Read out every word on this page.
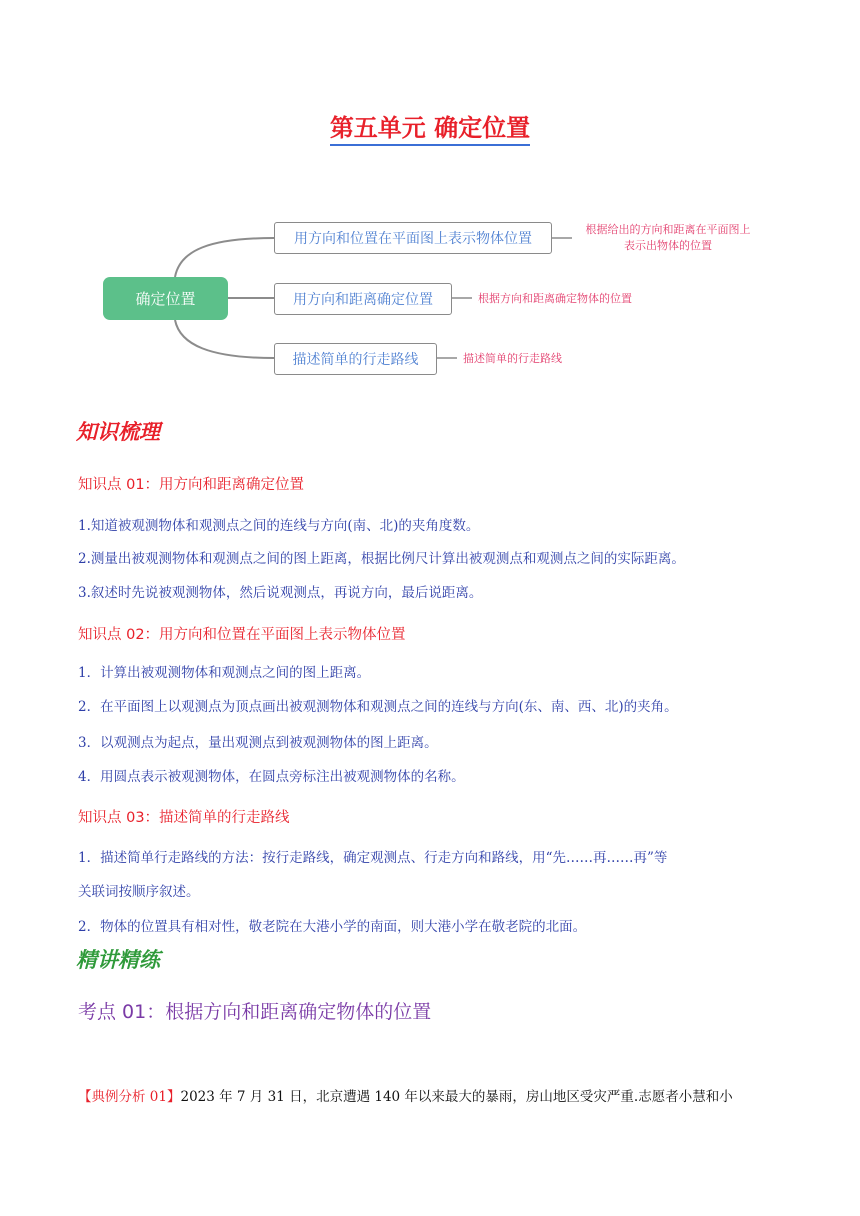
第五单元 确定位置
确定位置
用方向和位置在平面图上表示物体位置
用方向和距离确定位置
描述简单的行走路线
根据给出的方向和距离在平面图上
表示出物体的位置
根据方向和距离确定物体的位置
描述简单的行走路线
知识梳理
知识点 01：用方向和距离确定位置
1.知道被观测物体和观测点之间的连线与方向(南、北)的夹角度数。
2.测量出被观测物体和观测点之间的图上距离，根据比例尺计算出被观测点和观测点之间的实际距离。
3.叙述时先说被观测物体，然后说观测点，再说方向，最后说距离。
知识点 02：用方向和位置在平面图上表示物体位置
1．计算出被观测物体和观测点之间的图上距离。
2．在平面图上以观测点为顶点画出被观测物体和观测点之间的连线与方向(东、南、西、北)的夹角。
3．以观测点为起点，量出观测点到被观测物体的图上距离。
4．用圆点表示被观测物体，在圆点旁标注出被观测物体的名称。
知识点 03：描述简单的行走路线
1．描述简单行走路线的方法：按行走路线，确定观测点、行走方向和路线，用“先……再……再”等
关联词按顺序叙述。
2．物体的位置具有相对性，敬老院在大港小学的南面，则大港小学在敬老院的北面。
精讲精练
考点 01：根据方向和距离确定物体的位置
【典例分析 01】2023 年 7 月 31 日，北京遭遇 140 年以来最大的暴雨，房山地区受灾严重.志愿者小慧和小
